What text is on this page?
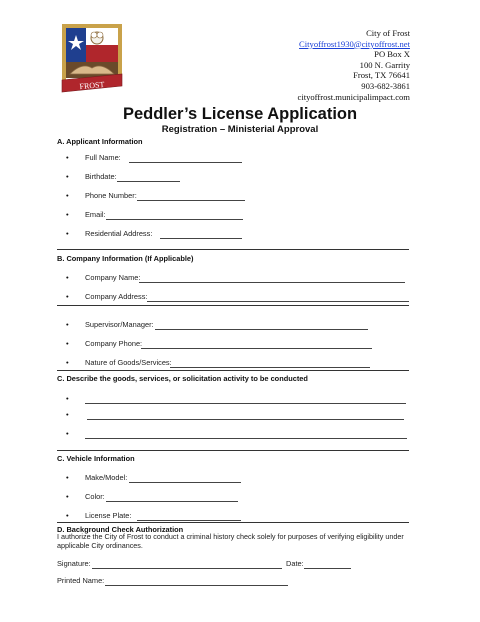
FROST
City of Frost
Cityoffrost1930@cityoffrost.net
PO Box X
100 N. Garrity
Frost, TX 76641
903-682-3861
cityoffrost.municipalimpact.com
Peddler’s License Application
Registration – Ministerial Approval
A. Applicant Information
• Full Name:
• Birthdate:
• Phone Number:
• Email:
• Residential Address:
B. Company Information (If Applicable)
• Company Name:
• Company Address:
• Supervisor/Manager:
• Company Phone:
• Nature of Goods/Services:
C. Describe the goods, services, or solicitation activity to be conducted
•
•
•
C. Vehicle Information
• Make/Model:
• Color:
• License Plate:
D. Background Check Authorization
I authorize the City of Frost to conduct a criminal history check solely for purposes of verifying eligibility under applicable City ordinances.
Signature:	Date:
Printed Name:
